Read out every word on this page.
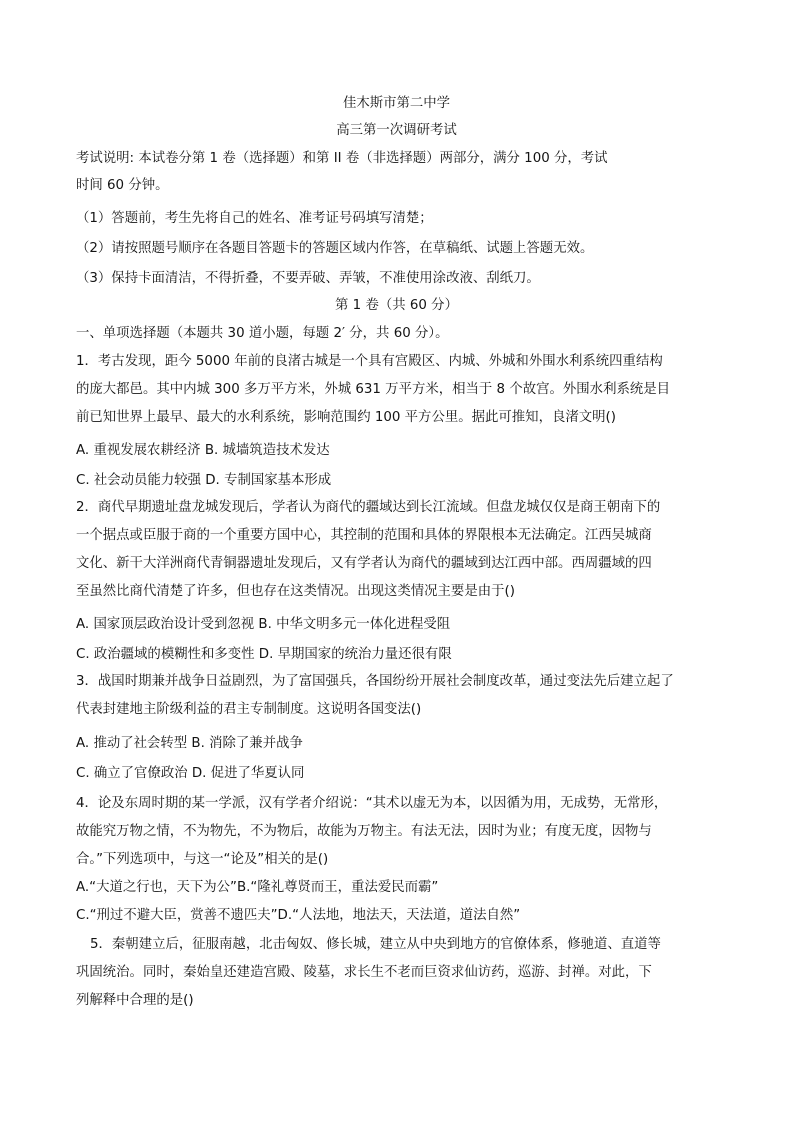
佳木斯市第二中学
高三第一次调研考试
考试说明: 本试卷分第 1 卷（选择题）和第 II 卷（非选择题）两部分，满分 100 分，考试
时间 60 分钟。
（1）答题前，考生先将自己的姓名、准考证号码填写清楚；
（2）请按照题号顺序在各题目答题卡的答题区域内作答，在草稿纸、试题上答题无效。
（3）保持卡面清洁，不得折叠，不要弄破、弄皱，不准使用涂改液、刮纸刀。
第 1 卷（共 60 分）
一、单项选择题（本题共 30 道小题，每题 2′ 分，共 60 分）。
1．考古发现，距今 5000 年前的良渚古城是一个具有宫殿区、内城、外城和外围水利系统四重结构
的庞大都邑。其中内城 300 多万平方米，外城 631 万平方米，相当于 8 个故宫。外围水利系统是目
前已知世界上最早、最大的水利系统，影响范围约 100 平方公里。据此可推知，良渚文明()
A. 重视发展农耕经济 B. 城墙筑造技术发达
C. 社会动员能力较强 D. 专制国家基本形成
2．商代早期遗址盘龙城发现后，学者认为商代的疆域达到长江流域。但盘龙城仅仅是商王朝南下的
一个据点或臣服于商的一个重要方国中心，其控制的范围和具体的界限根本无法确定。江西吴城商
文化、新干大洋洲商代青铜器遗址发现后，又有学者认为商代的疆域到达江西中部。西周疆域的四
至虽然比商代清楚了许多，但也存在这类情况。出现这类情况主要是由于()
A. 国家顶层政治设计受到忽视 B. 中华文明多元一体化进程受阻
C. 政治疆域的模糊性和多变性 D. 早期国家的统治力量还很有限
3．战国时期兼并战争日益剧烈，为了富国强兵，各国纷纷开展社会制度改革，通过变法先后建立起了
代表封建地主阶级利益的君主专制制度。这说明各国变法()
A. 推动了社会转型 B. 消除了兼并战争
C. 确立了官僚政治 D. 促进了华夏认同
4．论及东周时期的某一学派，汉有学者介绍说：“其术以虚无为本，以因循为用，无成势，无常形，
故能究万物之情，不为物先，不为物后，故能为万物主。有法无法，因时为业；有度无度，因物与
合。”下列选项中，与这一“论及”相关的是()
A.“大道之行也，天下为公”B.“隆礼尊贤而王，重法爱民而霸”
C.“刑过不避大臣，赏善不遗匹夫”D.“人法地，地法天，天法道，道法自然”
5．秦朝建立后，征服南越，北击匈奴、修长城，建立从中央到地方的官僚体系，修驰道、直道等
巩固统治。同时，秦始皇还建造宫殿、陵墓，求长生不老而巨资求仙访药，巡游、封禅。对此，下
列解释中合理的是()
